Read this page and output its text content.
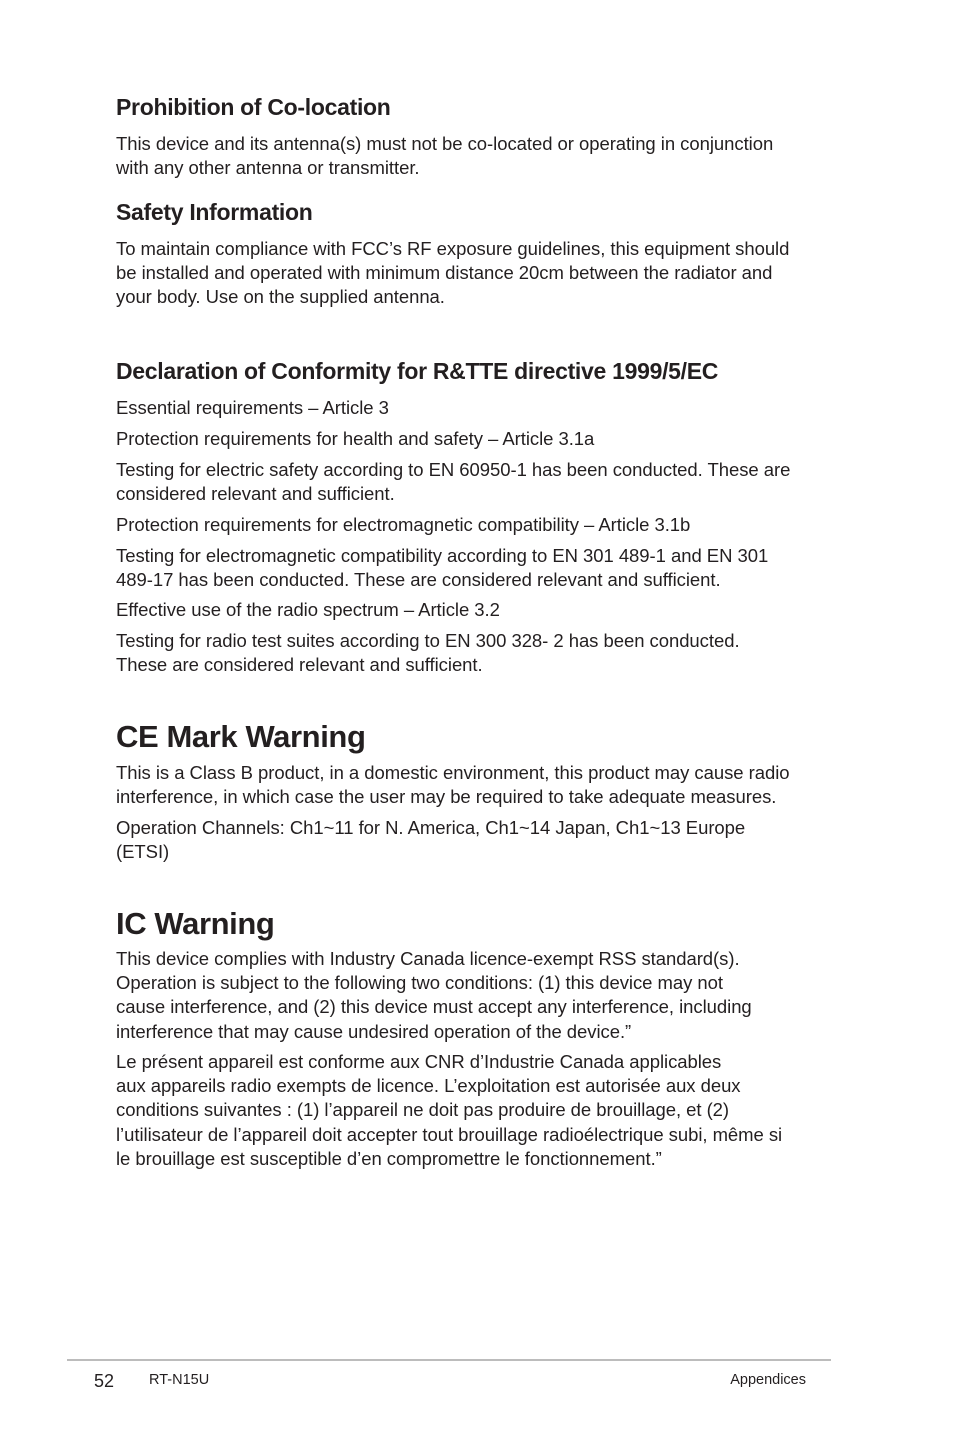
Prohibition of Co-location

This device and its antenna(s) must not be co-located or operating in conjunction
with any other antenna or transmitter.

Safety Information

To maintain compliance with FCC’s RF exposure guidelines, this equipment should
be installed and operated with minimum distance 20cm between the radiator and
your body. Use on the supplied antenna.

Declaration of Conformity for R&TTE directive 1999/5/EC

Essential requirements – Article 3

Protection requirements for health and safety – Article 3.1a

Testing for electric safety according to EN 60950-1 has been conducted. These are
considered relevant and sufficient.

Protection requirements for electromagnetic compatibility – Article 3.1b

Testing for electromagnetic compatibility according to EN 301 489-1 and EN 301
489-17 has been conducted. These are considered relevant and sufficient.

Effective use of the radio spectrum – Article 3.2

Testing for radio test suites according to EN 300 328- 2 has been conducted.
These are considered relevant and sufficient.

CE Mark Warning

This is a Class B product, in a domestic environment, this product may cause radio
interference, in which case the user may be required to take adequate measures.

Operation Channels: Ch1~11 for N. America, Ch1~14 Japan, Ch1~13 Europe
(ETSI)

IC Warning

This device complies with Industry Canada licence-exempt RSS standard(s).
Operation is subject to the following two conditions: (1) this device may not
cause interference, and (2) this device must accept any interference, including
interference that may cause undesired operation of the device.”

Le présent appareil est conforme aux CNR d’Industrie Canada applicables
aux appareils radio exempts de licence. L’exploitation est autorisée aux deux
conditions suivantes : (1) l’appareil ne doit pas produire de brouillage, et (2)
l’utilisateur de l’appareil doit accepter tout brouillage radioélectrique subi, même si
le brouillage est susceptible d’en compromettre le fonctionnement.”

52 RT-N15U	Appendices
